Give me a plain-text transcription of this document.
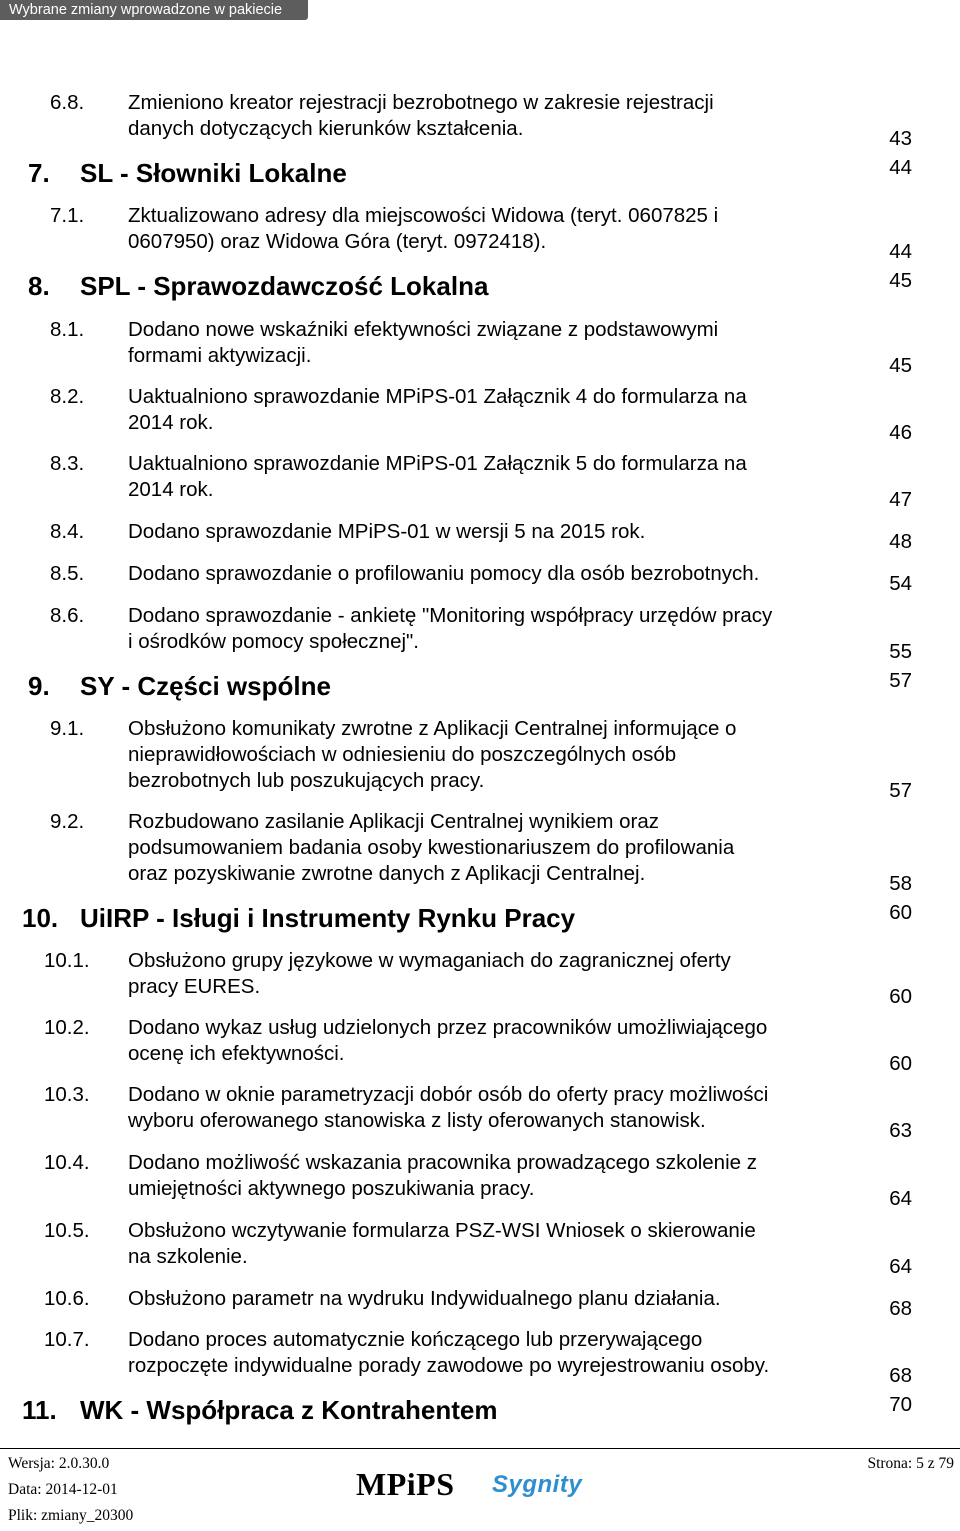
Wybrane zmiany wprowadzone w pakiecie
6.8. Zmieniono kreator rejestracji bezrobotnego w zakresie rejestracji
danych dotyczących kierunków kształcenia.	43
7. SL - Słowniki Lokalne	44
7.1. Zktualizowano adresy dla miejscowości Widowa (teryt. 0607825 i
0607950) oraz Widowa Góra (teryt. 0972418).	44
8. SPL - Sprawozdawczość Lokalna	45
8.1. Dodano nowe wskaźniki efektywności związane z podstawowymi
formami aktywizacji.	45
8.2. Uaktualniono sprawozdanie MPiPS-01 Załącznik 4 do formularza na
2014 rok.	46
8.3. Uaktualniono sprawozdanie MPiPS-01 Załącznik 5 do formularza na
2014 rok.	47
8.4. Dodano sprawozdanie MPiPS-01 w wersji 5 na 2015 rok.	48
8.5. Dodano sprawozdanie o profilowaniu pomocy dla osób bezrobotnych.	54
8.6. Dodano sprawozdanie - ankietę "Monitoring współpracy urzędów pracy
i ośrodków pomocy społecznej".	55
9. SY - Części wspólne	57
9.1. Obsłużono komunikaty zwrotne z Aplikacji Centralnej informujące o
nieprawidłowościach w odniesieniu do poszczególnych osób
bezrobotnych lub poszukujących pracy.	57
9.2. Rozbudowano zasilanie Aplikacji Centralnej wynikiem oraz
podsumowaniem badania osoby kwestionariuszem do profilowania
oraz pozyskiwanie zwrotne danych z Aplikacji Centralnej.	58
10. UiIRP - Isługi i Instrumenty Rynku Pracy	60
10.1. Obsłużono grupy językowe w wymaganiach do zagranicznej oferty
pracy EURES.	60
10.2. Dodano wykaz usług udzielonych przez pracowników umożliwiającego
ocenę ich efektywności.	60
10.3. Dodano w oknie parametryzacji dobór osób do oferty pracy możliwości
wyboru oferowanego stanowiska z listy oferowanych stanowisk.	63
10.4. Dodano możliwość wskazania pracownika prowadzącego szkolenie z
umiejętności aktywnego poszukiwania pracy.	64
10.5. Obsłużono wczytywanie formularza PSZ-WSI Wniosek o skierowanie
na szkolenie.	64
10.6. Obsłużono parametr na wydruku Indywidualnego planu działania.	68
10.7. Dodano proces automatycznie kończącego lub przerywającego
rozpoczęte indywidualne porady zawodowe po wyrejestrowaniu osoby.	68
11. WK - Współpraca z Kontrahentem	70
Wersja: 2.0.30.0
Data: 2014-12-01
Plik: zmiany_20300
MPiPS Sygnity
Strona: 5 z 79
